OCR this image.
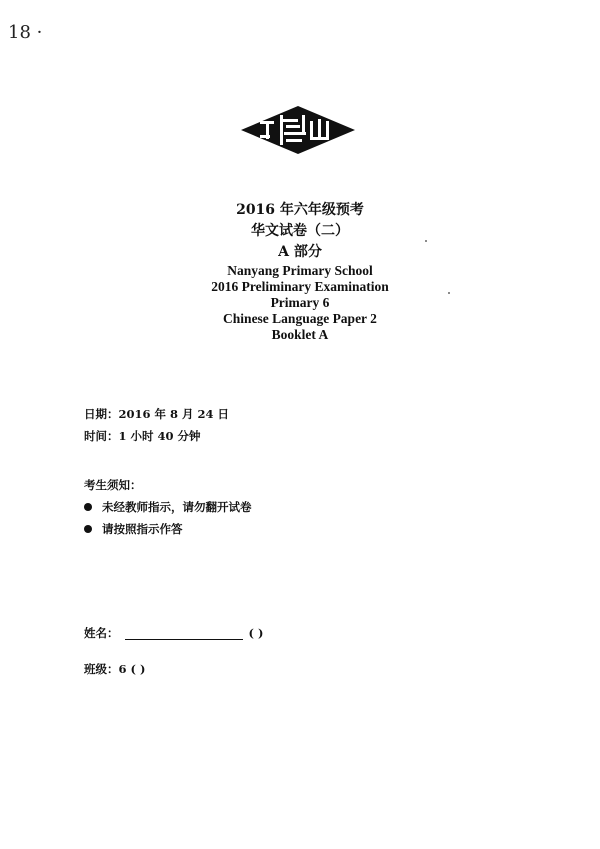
18 ·

2016 年六年级预考

华文试卷（二）

A 部分

Nanyang Primary School

2016 Preliminary Examination

Primary 6

Chinese Language Paper 2

Booklet A

日期：2016 年 8 月 24 日
时间：1 小时 40 分钟
考生须知：
未经教师指示，请勿翻开试卷
请按照指示作答
姓名：	( )
班级：6 ( )
